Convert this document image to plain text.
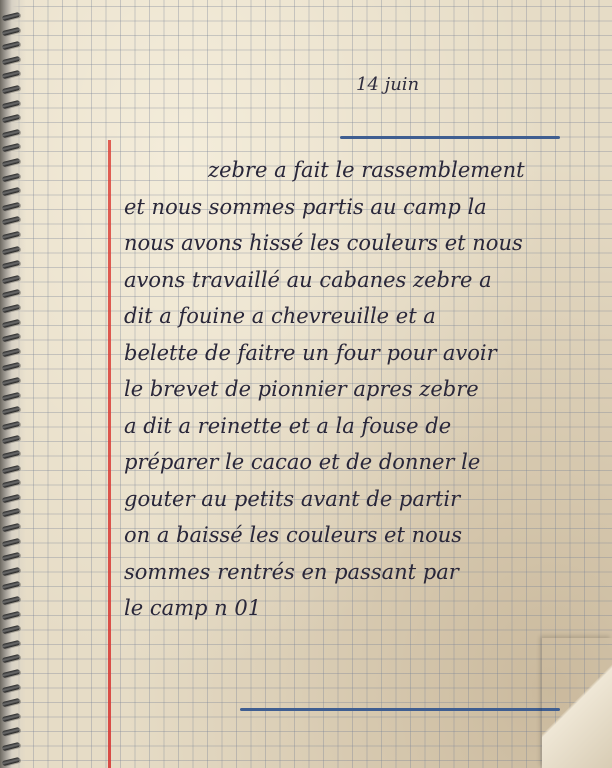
14 juin
zebre a fait le rassemblement
et nous sommes partis au camp la
nous avons hissé les couleurs et nous
avons travaillé au cabanes zebre a
dit a fouine a chevreuille et a
belette de faitre un four pour avoir
le brevet de pionnier apres zebre
a dit a reinette et a la fouse de
préparer le cacao et de donner le
gouter au petits avant de partir
on a baissé les couleurs et nous
sommes rentrés en passant par
le camp n 01
